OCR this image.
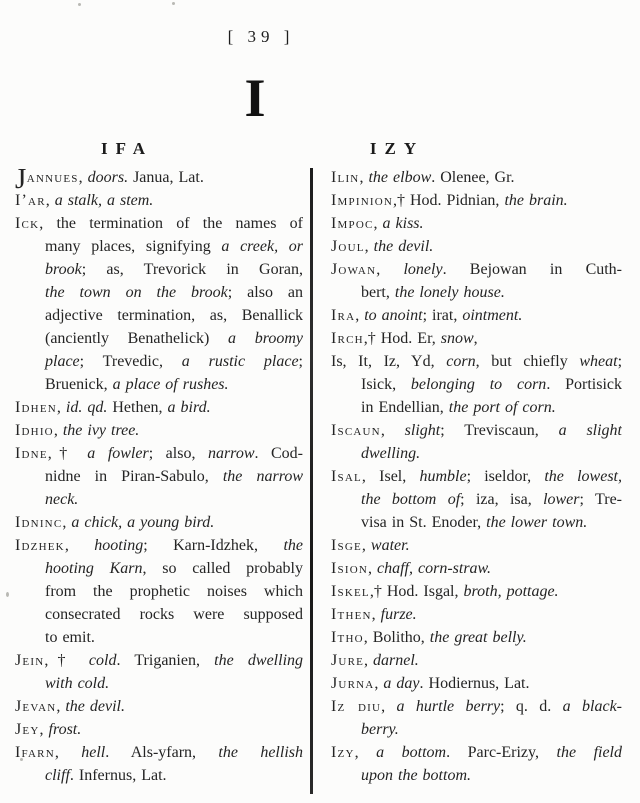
[ 39 ]
I
IFA	IZY
Jannues, doors. Janua, Lat.
I’ar, a stalk, a stem.
Ick, the termination of the names of
many places, signifying a creek, or
brook; as, Trevorick in Goran,
the town on the brook; also an
adjective termination, as, Benallick
(anciently Benathelick) a broomy
place; Trevedic, a rustic place;
Bruenick, a place of rushes.
Idhen, id. qd. Hethen, a bird.
Idhio, the ivy tree.
Idne,† a fowler; also, narrow. Cod-
nidne in Piran-Sabulo, the narrow
neck.
Idninc, a chick, a young bird.
Idzhek, hooting; Karn-Idzhek, the
hooting Karn, so called probably
from the prophetic noises which
consecrated rocks were supposed
to emit.
Jein,† cold. Triganien, the dwelling
with cold.
Jevan, the devil.
Jey, frost.
Ifarn, hell. Als-yfarn, the hellish
cliff. Infernus, Lat.
Ilin, the elbow. Olenee, Gr.
Impinion,† Hod. Pidnian, the brain.
Impoc, a kiss.
Joul, the devil.
Jowan, lonely. Bejowan in Cuth-
bert, the lonely house.
Ira, to anoint; irat, ointment.
Irch,† Hod. Er, snow,
Is, It, Iz, Yd, corn, but chiefly wheat;
Isick, belonging to corn. Portisick
in Endellian, the port of corn.
Iscaun, slight; Treviscaun, a slight
dwelling.
Isal, Isel, humble; iseldor, the lowest,
the bottom of; iza, isa, lower; Tre-
visa in St. Enoder, the lower town.
Isge, water.
Ision, chaff, corn-straw.
Iskel,† Hod. Isgal, broth, pottage.
Ithen, furze.
Itho, Bolitho, the great belly.
Jure, darnel.
Jurna, a day. Hodiernus, Lat.
Iz diu, a hurtle berry; q. d. a black-
berry.
Izy, a bottom. Parc-Erizy, the field
upon the bottom.
